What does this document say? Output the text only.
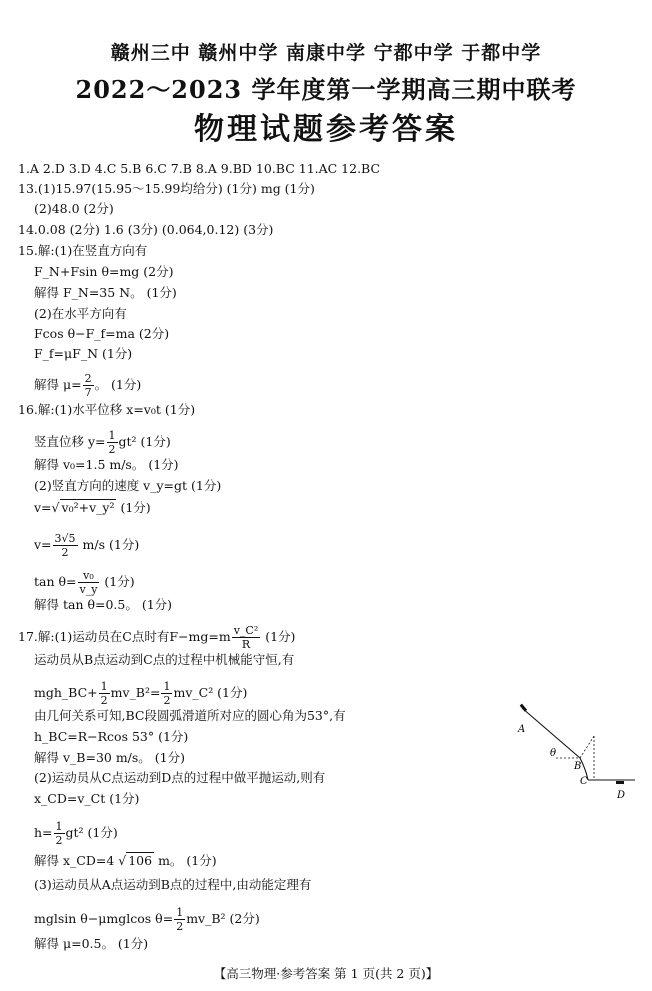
赣州三中 赣州中学 南康中学 宁都中学 于都中学
2022～2023 学年度第一学期高三期中联考
物理试题参考答案
1.A 2.D 3.D 4.C 5.B 6.C 7.B 8.A 9.BD 10.BC 11.AC 12.BC
13.(1)15.97(15.95～15.99均给分) (1分) mg (1分)
(2)48.0 (2分)
14.0.08 (2分) 1.6 (3分) (0.064,0.12) (3分)
15.解:(1)在竖直方向有
F_N+Fsin θ=mg (2分)
解得 F_N=35 N。 (1分)
(2)在水平方向有
Fcos θ−F_f=ma (2分)
F_f=μF_N (1分)
解得 $\mu= \frac{2}{7}$ 。 (1分)
16.解:(1)水平位移 x=v₀t (1分)
竖直位移 $y= \frac{1}{2} gt^2$ (1分)
解得 v₀=1.5 m/s。 (1分)
(2)竖直方向的速度 v_y=gt (1分)
v=√ v₀²+v_y² (1分)
$v= \frac{3√5}{2} m/s$ (1分)
$\tan \theta= \frac{\text{v₀}}{v\_y} (1$分)
解得 tan θ=0.5。 (1分)
17.解:(1)运动员在C点时有$F-mg=m \frac{\text{v\_C²}}{R} (1$分)
运动员从B点运动到C点的过程中机械能守恒,有
mgh_BC+ $\frac{1}{2}$ mv_B²= $\frac{1}{2}$ mv_C² (1分)
由几何关系可知,BC段圆弧滑道所对应的圆心角为53°,有
h_BC=R−Rcos 53° (1分)
解得 v_B=30 m/s。 (1分)
(2)运动员从C点运动到D点的过程中做平抛运动,则有
x_CD=v_Ct (1分)
$h= \frac{1}{2} gt^2$ (1分)
解得 x_CD=4 √ 106 m。 (1分)
(3)运动员从A点运动到B点的过程中,由动能定理有
mglsin θ−μmglcos $\theta= \frac{1}{2}$ mv_B² (2分)
解得 μ=0.5。 (1分)
A
θ
B
C
D
【高三物理·参考答案 第 1 页(共 2 页)】
